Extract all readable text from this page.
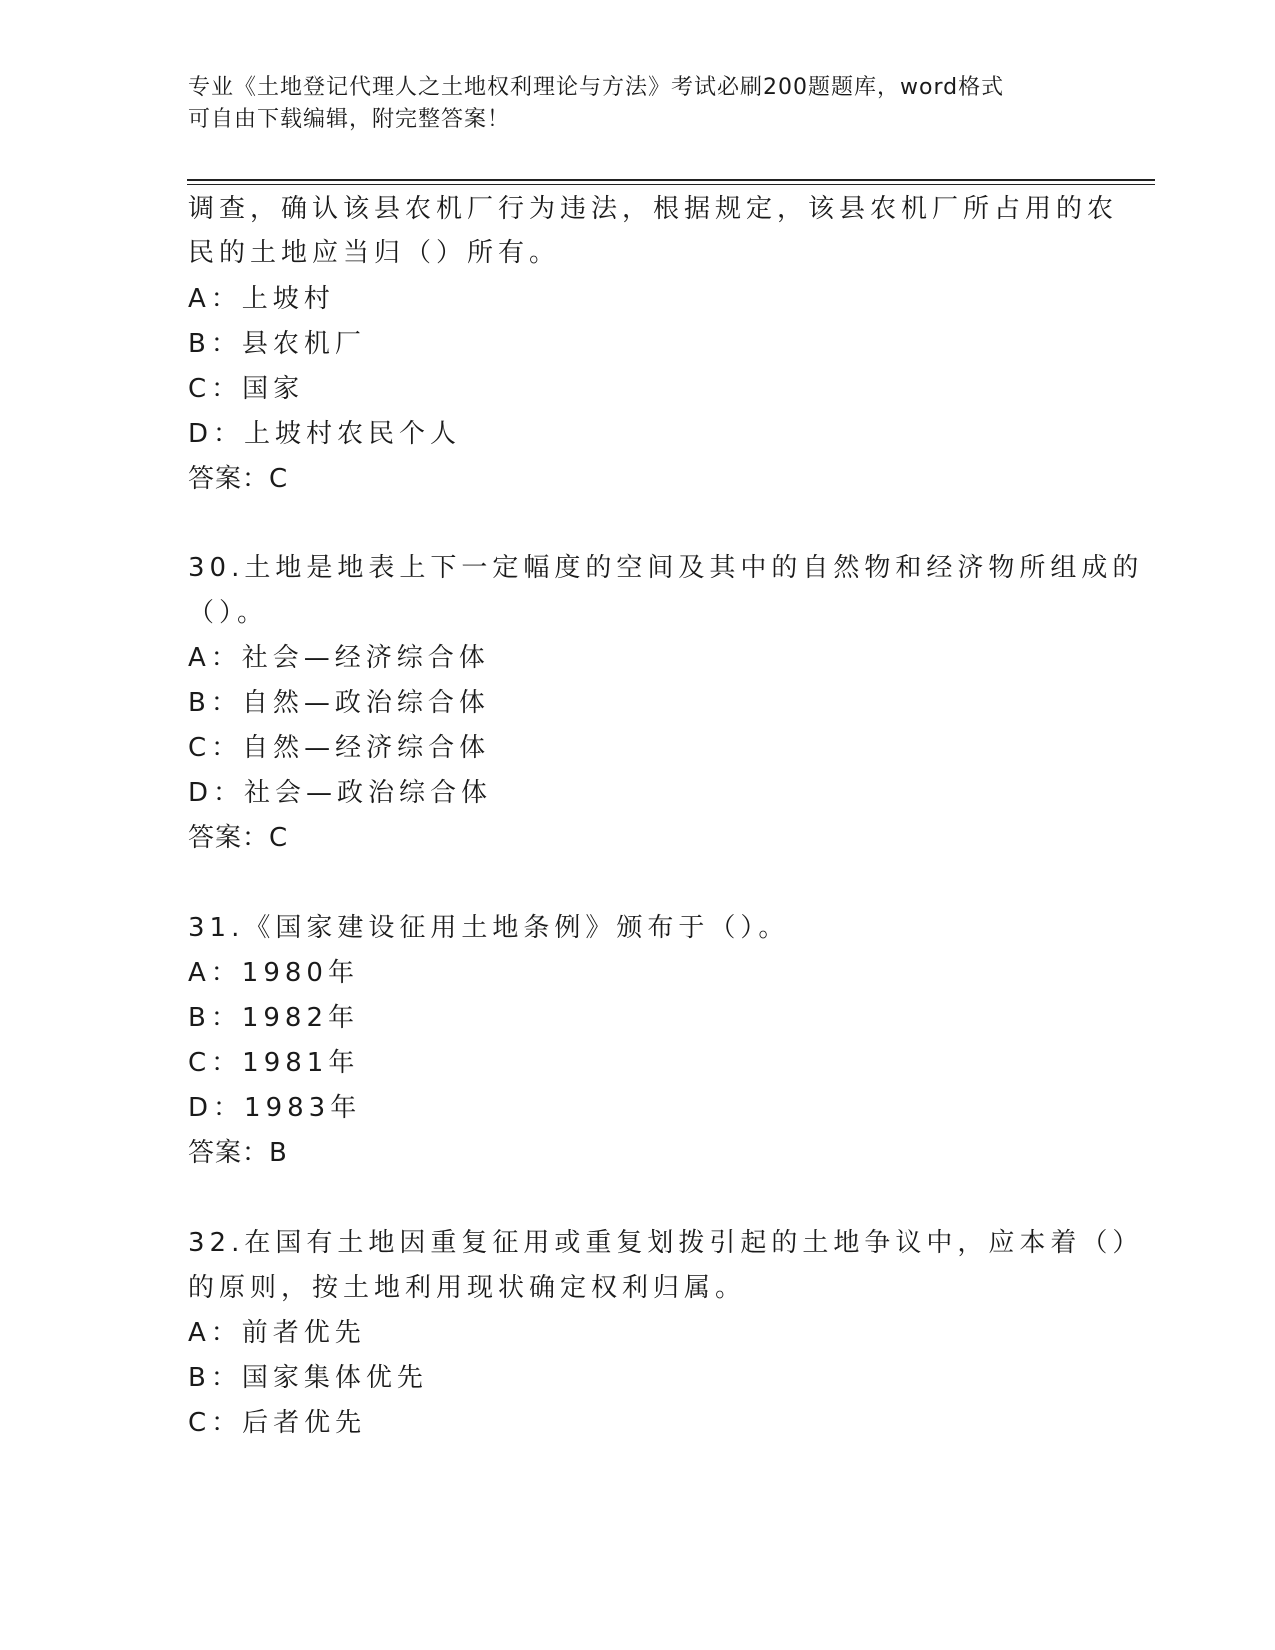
专业《土地登记代理人之土地权利理论与方法》考试必刷200题题库，word格式
可自由下载编辑，附完整答案！
调查，确认该县农机厂行为违法，根据规定，该县农机厂所占用的农
民的土地应当归（）所有。
A：上坡村
B：县农机厂
C：国家
D：上坡村农民个人
答案：C
30.土地是地表上下一定幅度的空间及其中的自然物和经济物所组成的
（）。
A：社会—经济综合体
B：自然—政治综合体
C：自然—经济综合体
D：社会—政治综合体
答案：C
31.《国家建设征用土地条例》颁布于（）。
A：1980年
B：1982年
C：1981年
D：1983年
答案：B
32.在国有土地因重复征用或重复划拨引起的土地争议中，应本着（）
的原则，按土地利用现状确定权利归属。
A：前者优先
B：国家集体优先
C：后者优先
